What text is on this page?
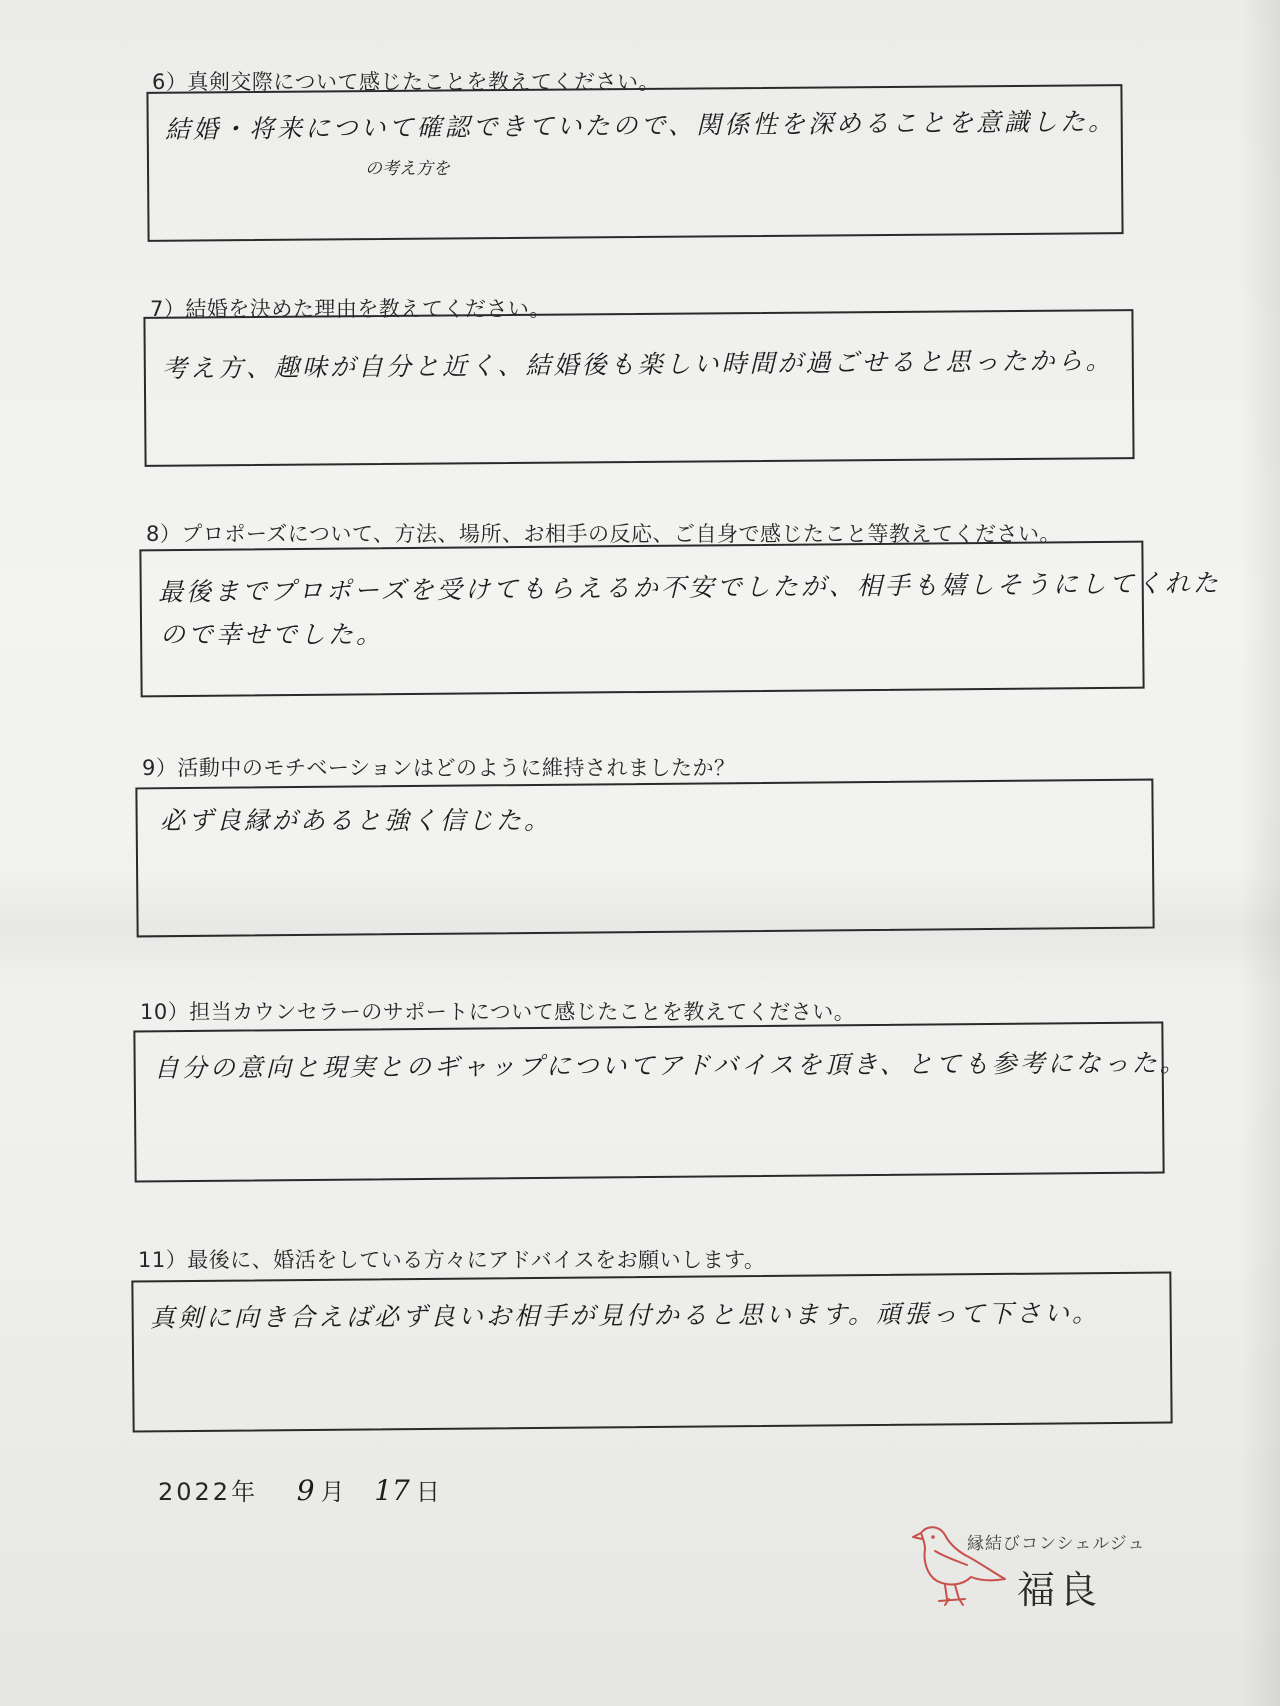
6）真剣交際について感じたことを教えてください。
結婚・将来について確認できていたので、関係性を深めることを意識した。
の考え方を
7）結婚を決めた理由を教えてください。
考え方、趣味が自分と近く、結婚後も楽しい時間が過ごせると思ったから。
8）プロポーズについて、方法、場所、お相手の反応、ご自身で感じたこと等教えてください。
最後までプロポーズを受けてもらえるか不安でしたが、相手も嬉しそうにしてくれた
ので幸せでした。
9）活動中のモチベーションはどのように維持されましたか？
必ず良縁があると強く信じた。
10）担当カウンセラーのサポートについて感じたことを教えてください。
自分の意向と現実とのギャップについてアドバイスを頂き、とても参考になった。
11）最後に、婚活をしている方々にアドバイスをお願いします。
真剣に向き合えば必ず良いお相手が見付かると思います。頑張って下さい。
2022年 9 月 17 日
縁結びコンシェルジュ
福良
